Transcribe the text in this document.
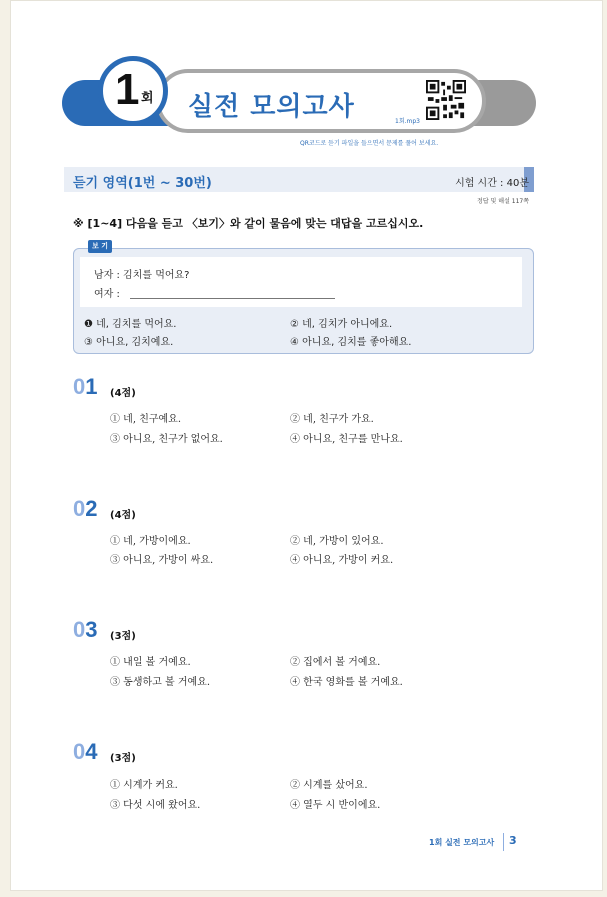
1 회 실전 모의고사	1회.mp3
QR코드로 듣기 파일을 들으면서 문제를 풀어 보세요.
듣기 영역(1번 ~ 30번)	시험 시간 : 40분
정답 및 해설 117쪽
※ [1~4] 다음을 듣고 〈보기〉와 같이 물음에 맞는 대답을 고르십시오.
보 기
남자 : 김치를 먹어요?
여자 :
❶ 네, 김치를 먹어요.	② 네, 김치가 아니에요.
③ 아니요, 김치예요.	④ 아니요, 김치를 좋아해요.
01 (4점)
① 네, 친구예요.	② 네, 친구가 가요.
③ 아니요, 친구가 없어요.	④ 아니요, 친구를 만나요.
02 (4점)
① 네, 가방이에요.	② 네, 가방이 있어요.
③ 아니요, 가방이 싸요.	④ 아니요, 가방이 커요.
03 (3점)
① 내일 볼 거예요.	② 집에서 볼 거예요.
③ 동생하고 볼 거예요.	④ 한국 영화를 볼 거예요.
04 (3점)
① 시계가 커요.	② 시계를 샀어요.
③ 다섯 시에 왔어요.	④ 열두 시 반이에요.
1회 실전 모의고사 3
